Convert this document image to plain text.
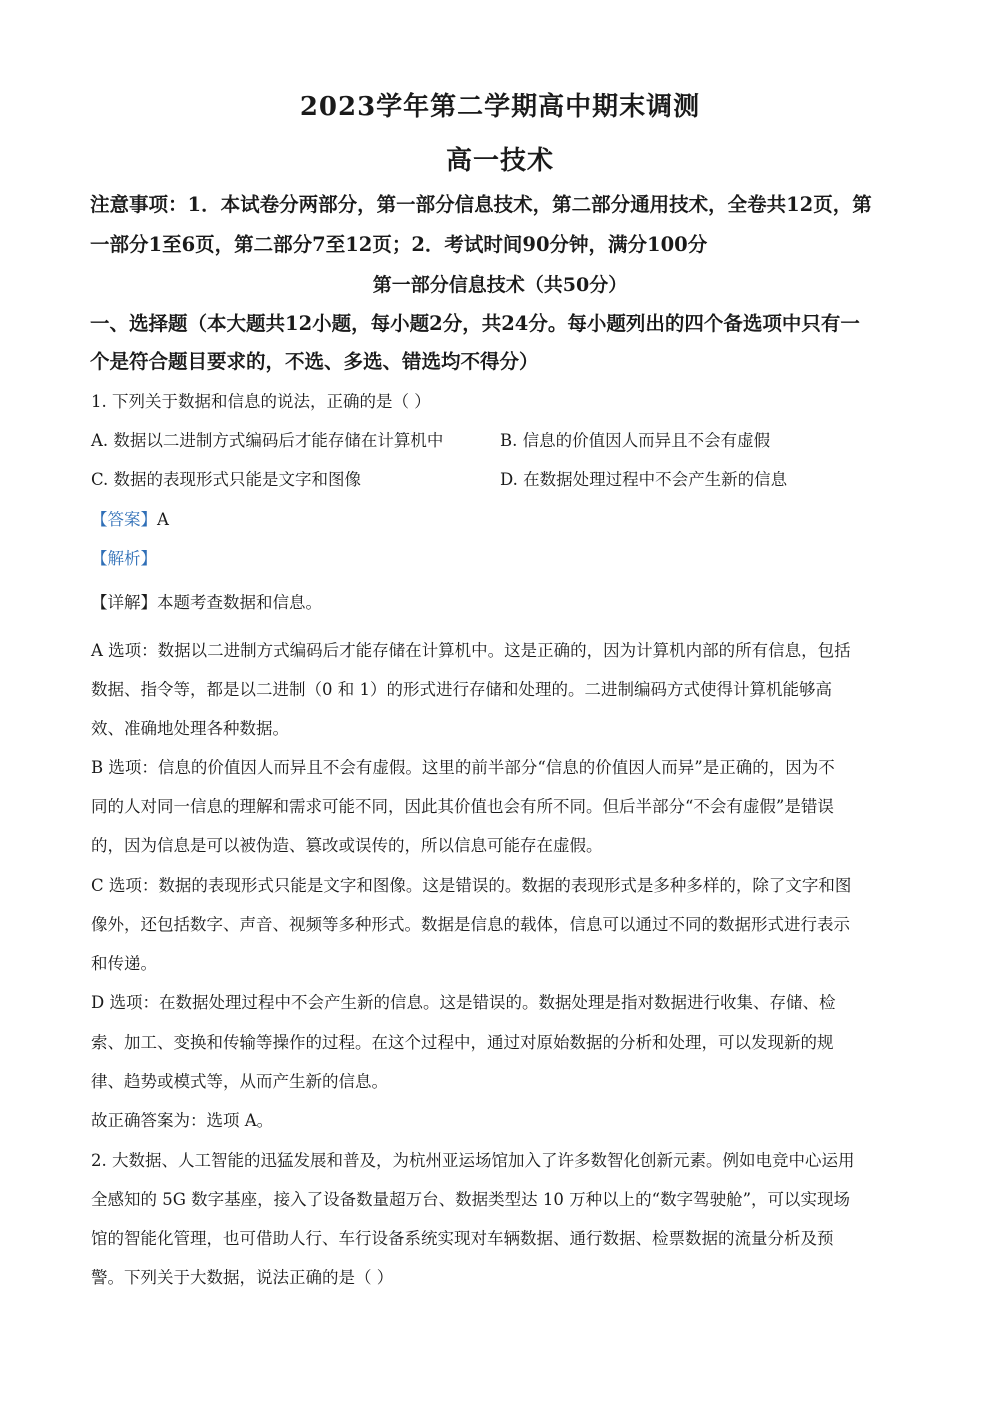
2023学年第二学期高中期末调测
高一技术
注意事项：1．本试卷分两部分，第一部分信息技术，第二部分通用技术，全卷共12页，第
一部分1至6页，第二部分7至12页；2．考试时间90分钟，满分100分
第一部分信息技术（共50分）
一、选择题（本大题共12小题，每小题2分，共24分。每小题列出的四个备选项中只有一
个是符合题目要求的，不选、多选、错选均不得分）
1. 下列关于数据和信息的说法，正确的是（ ）
A. 数据以二进制方式编码后才能存储在计算机中	B. 信息的价值因人而异且不会有虚假
C. 数据的表现形式只能是文字和图像	D. 在数据处理过程中不会产生新的信息
【答案】A
【解析】
【详解】本题考查数据和信息。
A 选项：数据以二进制方式编码后才能存储在计算机中。这是正确的，因为计算机内部的所有信息，包括
数据、指令等，都是以二进制（0 和 1）的形式进行存储和处理的。二进制编码方式使得计算机能够高
效、准确地处理各种数据。
B 选项：信息的价值因人而异且不会有虚假。这里的前半部分“信息的价值因人而异”是正确的，因为不
同的人对同一信息的理解和需求可能不同，因此其价值也会有所不同。但后半部分“不会有虚假”是错误
的，因为信息是可以被伪造、篡改或误传的，所以信息可能存在虚假。
C 选项：数据的表现形式只能是文字和图像。这是错误的。数据的表现形式是多种多样的，除了文字和图
像外，还包括数字、声音、视频等多种形式。数据是信息的载体，信息可以通过不同的数据形式进行表示
和传递。
D 选项：在数据处理过程中不会产生新的信息。这是错误的。数据处理是指对数据进行收集、存储、检
索、加工、变换和传输等操作的过程。在这个过程中，通过对原始数据的分析和处理，可以发现新的规
律、趋势或模式等，从而产生新的信息。
故正确答案为：选项 A。
2. 大数据、人工智能的迅猛发展和普及，为杭州亚运场馆加入了许多数智化创新元素。例如电竞中心运用
全感知的 5G 数字基座，接入了设备数量超万台、数据类型达 10 万种以上的“数字驾驶舱”，可以实现场
馆的智能化管理，也可借助人行、车行设备系统实现对车辆数据、通行数据、检票数据的流量分析及预
警。下列关于大数据，说法正确的是（ ）
